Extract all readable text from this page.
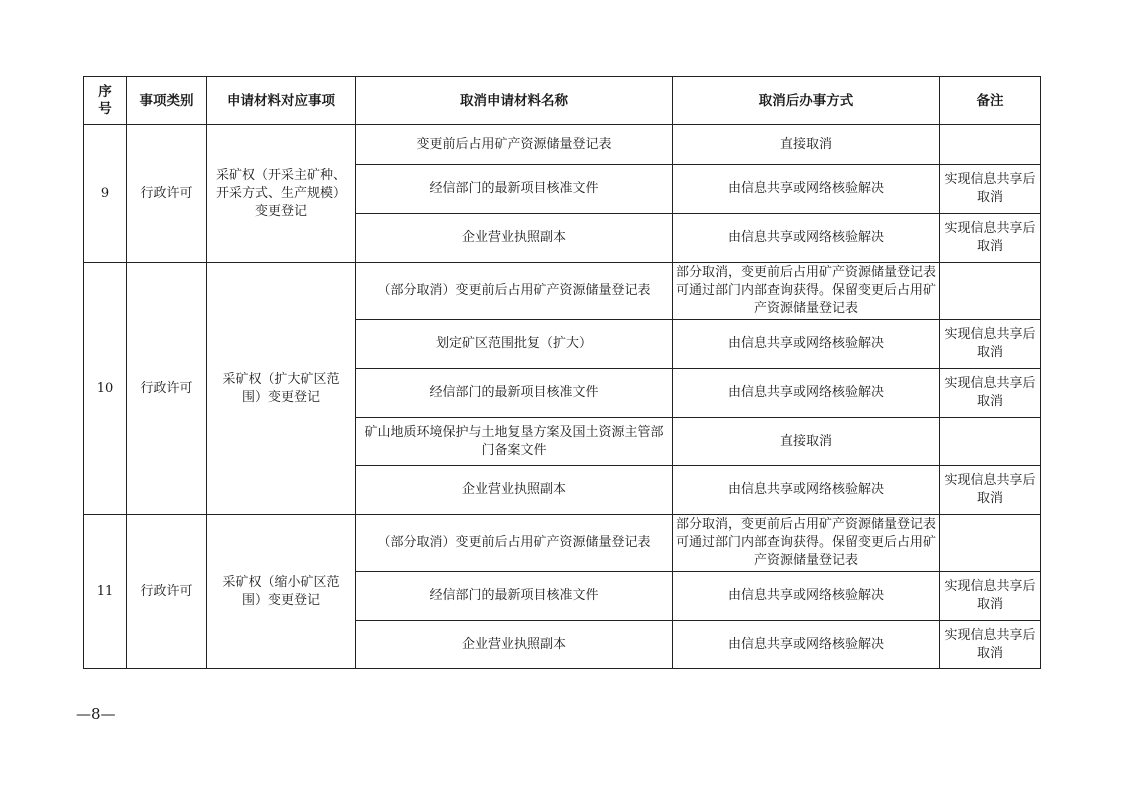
序
号	事项类别	申请材料对应事项	取消申请材料名称	取消后办事方式	备注
9	行政许可	采矿权（开采主矿种、开采方式、生产规模）变更登记	变更前后占用矿产资源储量登记表	直接取消	
			经信部门的最新项目核准文件	由信息共享或网络核验解决	实现信息共享后取消
			企业营业执照副本	由信息共享或网络核验解决	实现信息共享后取消
10	行政许可	采矿权（扩大矿区范围）变更登记	（部分取消）变更前后占用矿产资源储量登记表	部分取消，变更前后占用矿产资源储量登记表可通过部门内部查询获得。保留变更后占用矿产资源储量登记表	
			划定矿区范围批复（扩大）	由信息共享或网络核验解决	实现信息共享后取消
			经信部门的最新项目核准文件	由信息共享或网络核验解决	实现信息共享后取消
			矿山地质环境保护与土地复垦方案及国土资源主管部门备案文件	直接取消	
			企业营业执照副本	由信息共享或网络核验解决	实现信息共享后取消
11	行政许可	采矿权（缩小矿区范围）变更登记	（部分取消）变更前后占用矿产资源储量登记表	部分取消，变更前后占用矿产资源储量登记表可通过部门内部查询获得。保留变更后占用矿产资源储量登记表	
			经信部门的最新项目核准文件	由信息共享或网络核验解决	实现信息共享后取消
			企业营业执照副本	由信息共享或网络核验解决	实现信息共享后取消
—8—
